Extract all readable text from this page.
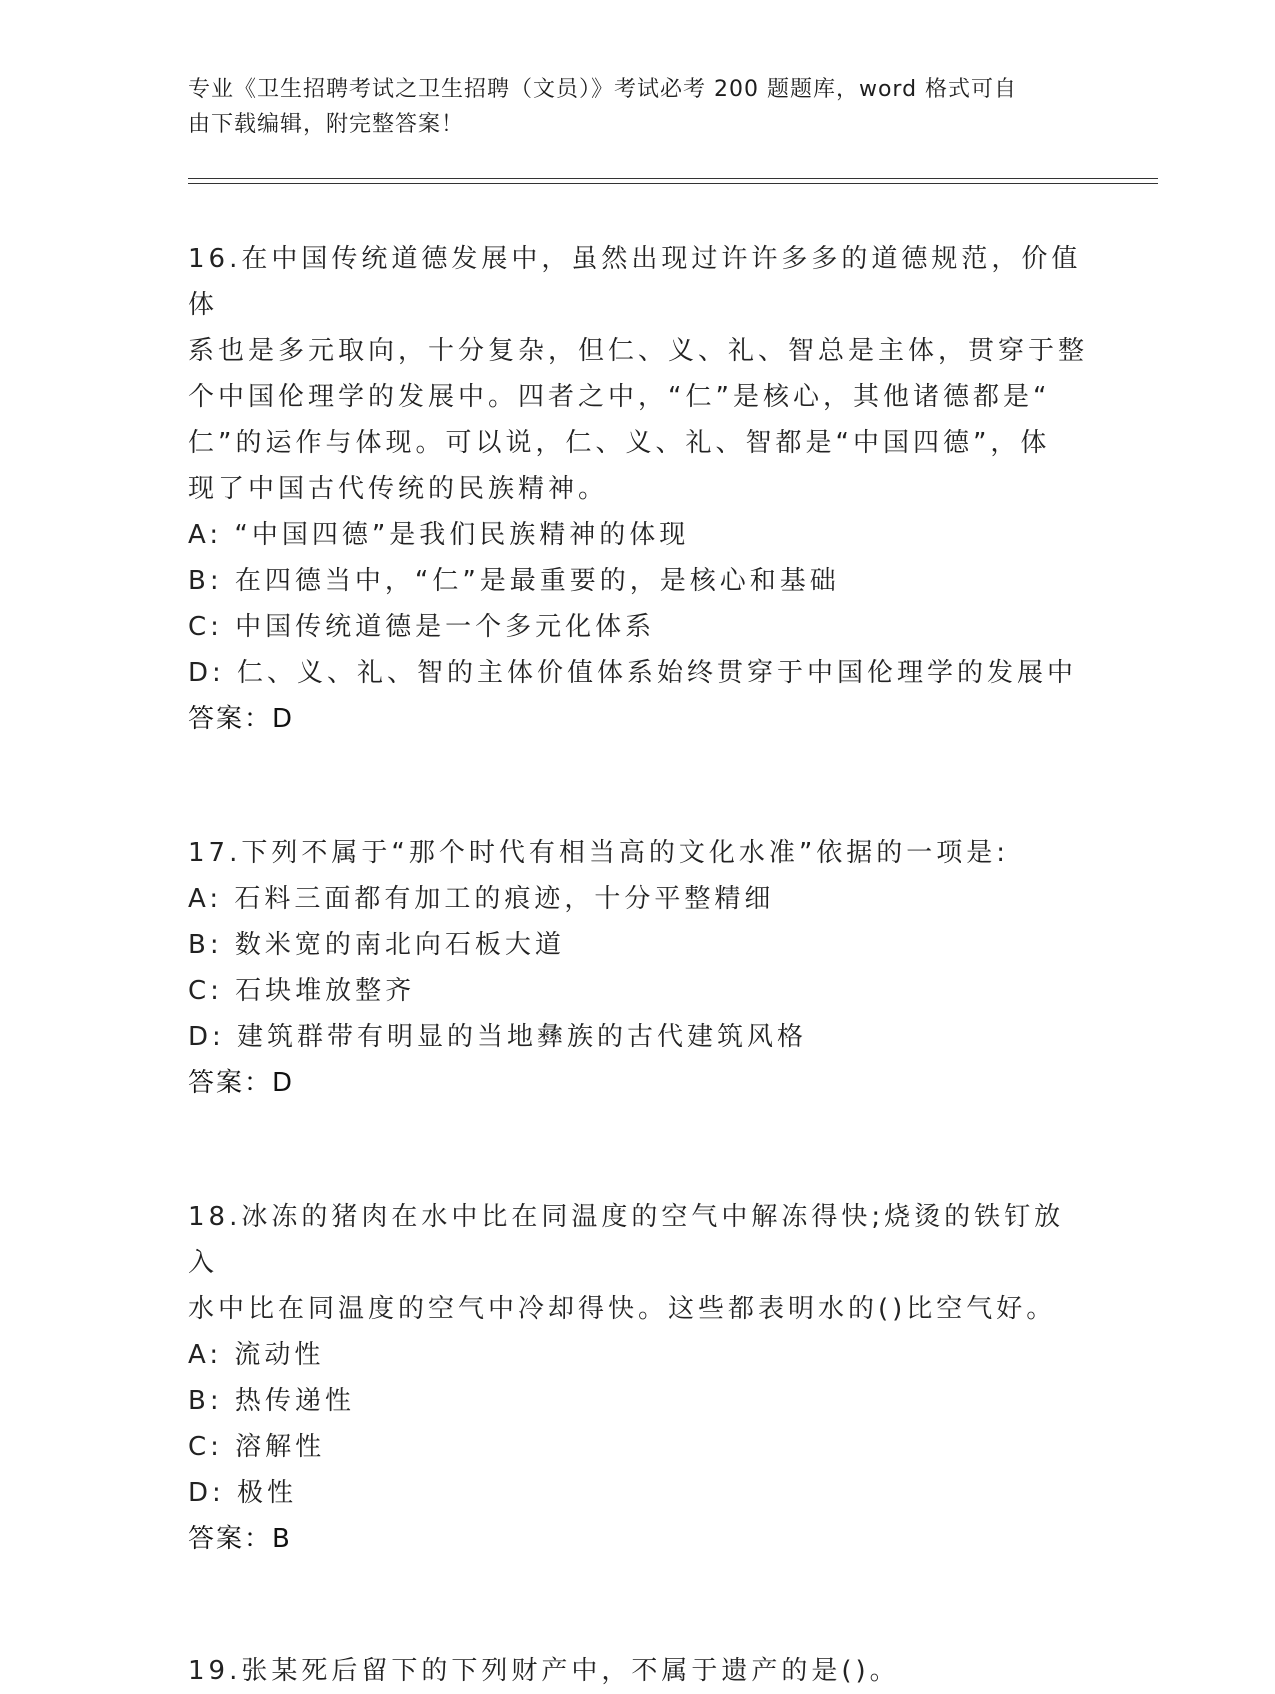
专业《卫生招聘考试之卫生招聘（文员）》考试必考 200 题题库，word 格式可自
由下载编辑，附完整答案！
16.在中国传统道德发展中，虽然出现过许许多多的道德规范，价值体
系也是多元取向，十分复杂，但仁、义、礼、智总是主体，贯穿于整
个中国伦理学的发展中。四者之中，“仁”是核心，其他诸德都是“
仁”的运作与体现。可以说，仁、义、礼、智都是“中国四德”，体
现了中国古代传统的民族精神。
A: “中国四德”是我们民族精神的体现
B: 在四德当中，“仁”是最重要的，是核心和基础
C: 中国传统道德是一个多元化体系
D: 仁、义、礼、智的主体价值体系始终贯穿于中国伦理学的发展中
答案：D
17.下列不属于“那个时代有相当高的文化水准”依据的一项是:
A: 石料三面都有加工的痕迹，十分平整精细
B: 数米宽的南北向石板大道
C: 石块堆放整齐
D: 建筑群带有明显的当地彝族的古代建筑风格
答案：D
18.冰冻的猪肉在水中比在同温度的空气中解冻得快;烧烫的铁钉放入
水中比在同温度的空气中冷却得快。这些都表明水的()比空气好。
A: 流动性
B: 热传递性
C: 溶解性
D: 极性
答案：B
19.张某死后留下的下列财产中，不属于遗产的是()。
